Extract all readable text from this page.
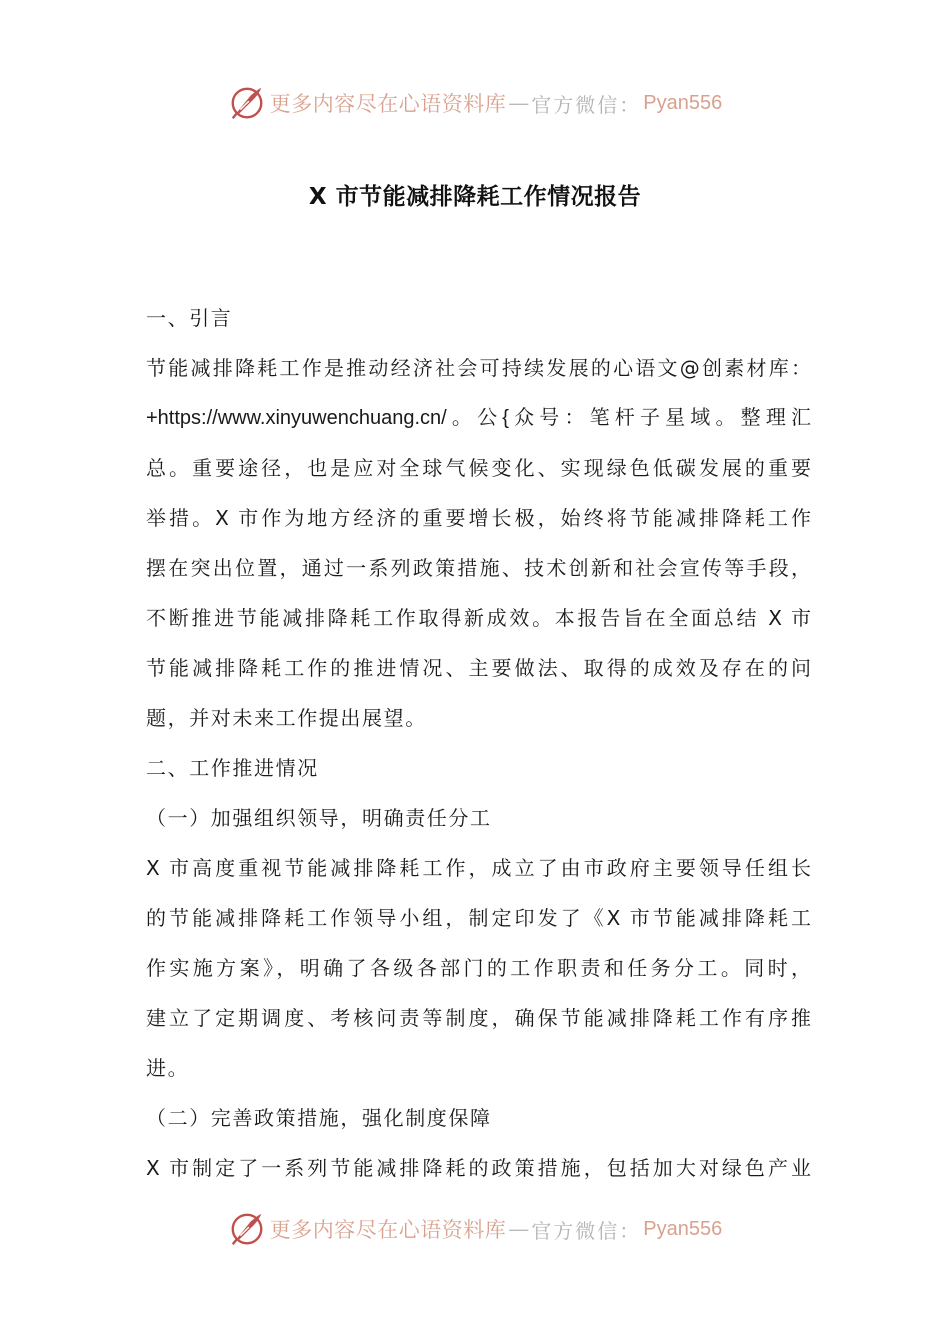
更多内容尽在心语资料库 — 官方微信： Pyan556
X 市节能减排降耗工作情况报告
一、引言
节能减排降耗工作是推动经济社会可持续发展的心语文@创素材库：
+https://www.xinyuwenchuang.cn/。公{众号：笔杆子星域。整理汇
总。重要途径，也是应对全球气候变化、实现绿色低碳发展的重要
举措。X 市作为地方经济的重要增长极，始终将节能减排降耗工作
摆在突出位置，通过一系列政策措施、技术创新和社会宣传等手段，
不断推进节能减排降耗工作取得新成效。本报告旨在全面总结 X 市
节能减排降耗工作的推进情况、主要做法、取得的成效及存在的问
题，并对未来工作提出展望。
二、工作推进情况
（一）加强组织领导，明确责任分工
X 市高度重视节能减排降耗工作，成立了由市政府主要领导任组长
的节能减排降耗工作领导小组，制定印发了《X 市节能减排降耗工
作实施方案》，明确了各级各部门的工作职责和任务分工。同时，
建立了定期调度、考核问责等制度，确保节能减排降耗工作有序推
进。
（二）完善政策措施，强化制度保障
X 市制定了一系列节能减排降耗的政策措施，包括加大对绿色产业
更多内容尽在心语资料库 — 官方微信： Pyan556
